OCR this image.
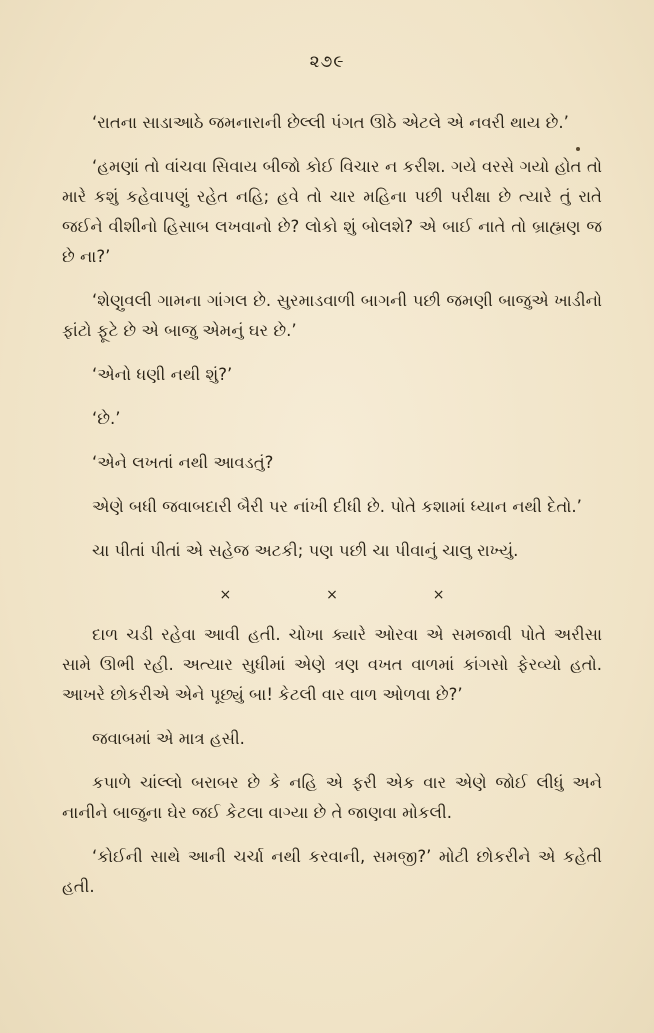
૨૭૯

‘રાતના સાડાઆઠે જમનારાની છેલ્લી પંગત ઊઠે એટલે એ નવરી થાય છે.’

‘હમણાં તો વાંચવા સિવાય બીજો કોઈ વિચાર ન કરીશ. ગયે વરસે ગયો હોત તો મારે કશું કહેવાપણું રહેત નહિ; હવે તો ચાર મહિના પછી પરીક્ષા છે ત્યારે તું રાતે જઈને વીશીનો હિસાબ લખવાનો છે? લોકો શું બોલશે? એ બાઈ નાતે તો બ્રાહ્મણ જ છે ના?’

‘શેણુવલી ગામના ગાંગલ છે. સુરમાડવાળી બાગની પછી જમણી બાજુએ ખાડીનો ફાંટો ફૂટે છે એ બાજુ એમનું ઘર છે.’

‘એનો ધણી નથી શું?’

‘છે.’

‘એને લખતાં નથી આવડતું?

એણે બધી જવાબદારી બૈરી પર નાંખી દીધી છે. પોતે કશામાં ધ્યાન નથી દેતો.’

ચા પીતાં પીતાં એ સહેજ અટકી; પણ પછી ચા પીવાનું ચાલુ રાખ્યું.

×	×	×

દાળ ચડી રહેવા આવી હતી. ચોખા ક્યારે ઓરવા એ સમજાવી પોતે અરીસા સામે ઊભી રહી. અત્યાર સુધીમાં એણે ત્રણ વખત વાળમાં કાંગસો ફેરવ્યો હતો. આખરે છોકરીએ એને પૂછ્યું બા! કેટલી વાર વાળ ઓળવા છે?’

જવાબમાં એ માત્ર હસી.

કપાળે ચાંલ્લો બરાબર છે કે નહિ એ ફરી એક વાર એણે જોઈ લીધું અને નાનીને બાજુના ઘેર જઈ કેટલા વાગ્યા છે તે જાણવા મોકલી.

‘કોઈની સાથે આની ચર્ચા નથી કરવાની, સમજી?’ મોટી છોકરીને એ કહેતી હતી.
